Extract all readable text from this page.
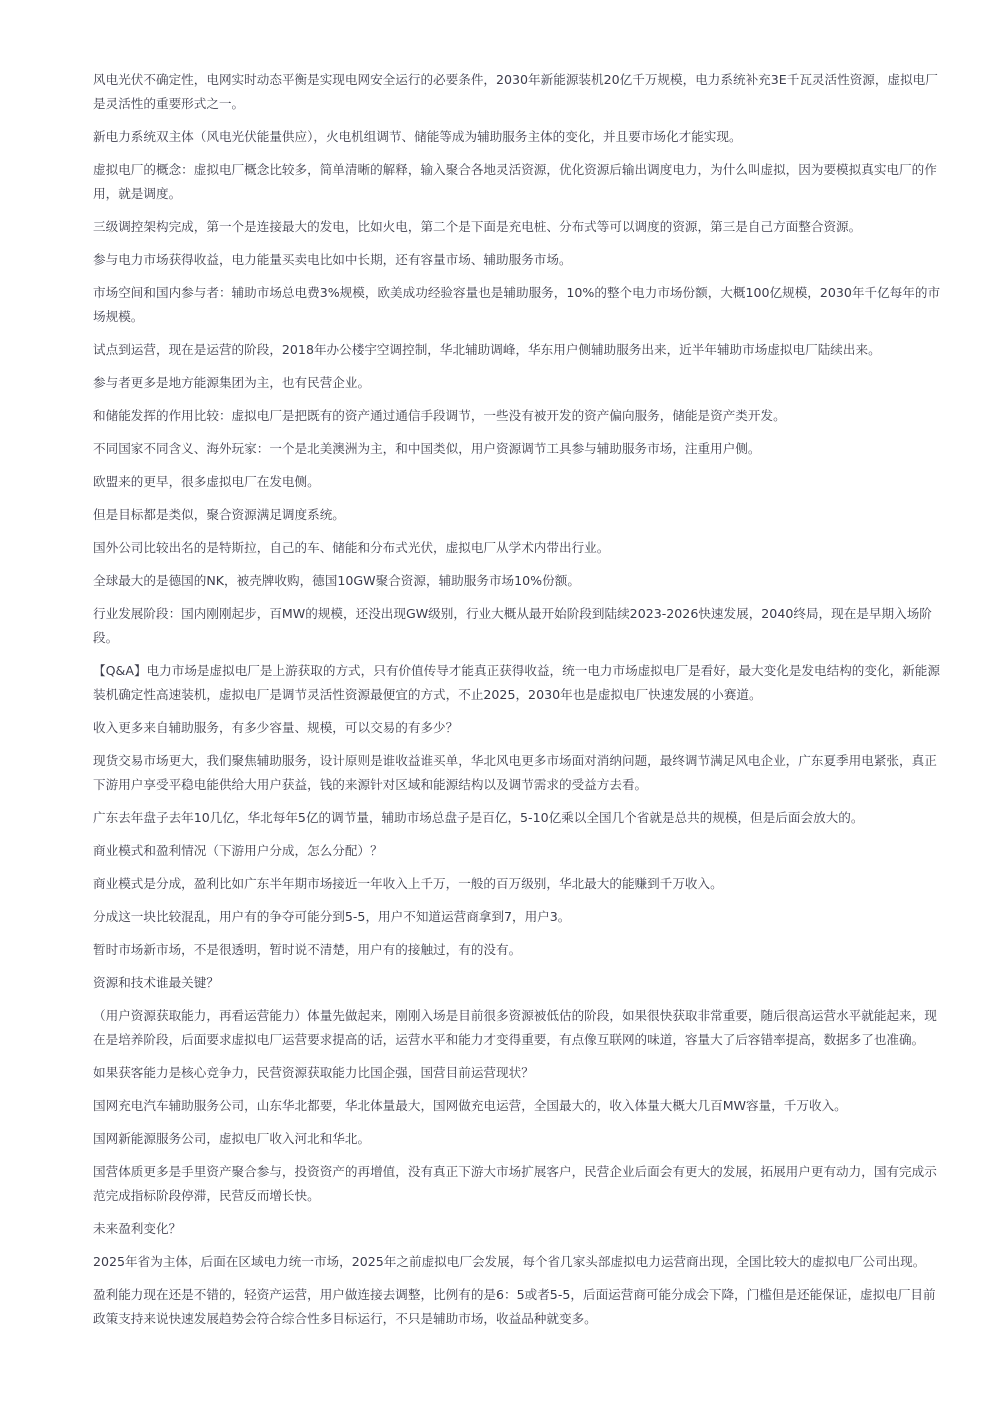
风电光伏不确定性，电网实时动态平衡是实现电网安全运行的必要条件，2030年新能源装机20亿千万规模，电力系统补充3E千瓦灵活性资源，虚拟电厂是灵活性的重要形式之一。

新电力系统双主体（风电光伏能量供应），火电机组调节、储能等成为辅助服务主体的变化，并且要市场化才能实现。

虚拟电厂的概念：虚拟电厂概念比较多，简单清晰的解释，输入聚合各地灵活资源，优化资源后输出调度电力，为什么叫虚拟，因为要模拟真实电厂的作用，就是调度。

三级调控架构完成，第一个是连接最大的发电，比如火电，第二个是下面是充电桩、分布式等可以调度的资源，第三是自己方面整合资源。

参与电力市场获得收益，电力能量买卖电比如中长期，还有容量市场、辅助服务市场。

市场空间和国内参与者：辅助市场总电费3%规模，欧美成功经验容量也是辅助服务，10%的整个电力市场份额，大概100亿规模，2030年千亿每年的市场规模。

试点到运营，现在是运营的阶段，2018年办公楼宇空调控制，华北辅助调峰，华东用户侧辅助服务出来，近半年辅助市场虚拟电厂陆续出来。

参与者更多是地方能源集团为主，也有民营企业。

和储能发挥的作用比较：虚拟电厂是把既有的资产通过通信手段调节，一些没有被开发的资产偏向服务，储能是资产类开发。

不同国家不同含义、海外玩家：一个是北美澳洲为主，和中国类似，用户资源调节工具参与辅助服务市场，注重用户侧。

欧盟来的更早，很多虚拟电厂在发电侧。

但是目标都是类似，聚合资源满足调度系统。

国外公司比较出名的是特斯拉，自己的车、储能和分布式光伏，虚拟电厂从学术内带出行业。

全球最大的是德国的NK，被壳牌收购，德国10GW聚合资源，辅助服务市场10%份额。

行业发展阶段：国内刚刚起步，百MW的规模，还没出现GW级别，行业大概从最开始阶段到陆续2023-2026快速发展，2040终局，现在是早期入场阶段。

【Q&A】电力市场是虚拟电厂是上游获取的方式，只有价值传导才能真正获得收益，统一电力市场虚拟电厂是看好，最大变化是发电结构的变化，新能源装机确定性高速装机，虚拟电厂是调节灵活性资源最便宜的方式，不止2025，2030年也是虚拟电厂快速发展的小赛道。

收入更多来自辅助服务，有多少容量、规模，可以交易的有多少？

现货交易市场更大，我们聚焦辅助服务，设计原则是谁收益谁买单，华北风电更多市场面对消纳问题，最终调节满足风电企业，广东夏季用电紧张，真正下游用户享受平稳电能供给大用户获益，钱的来源针对区域和能源结构以及调节需求的受益方去看。

广东去年盘子去年10几亿，华北每年5亿的调节量，辅助市场总盘子是百亿，5-10亿乘以全国几个省就是总共的规模，但是后面会放大的。

商业模式和盈利情况（下游用户分成，怎么分配）？

商业模式是分成，盈利比如广东半年期市场接近一年收入上千万，一般的百万级别，华北最大的能赚到千万收入。

分成这一块比较混乱，用户有的争夺可能分到5-5，用户不知道运营商拿到7，用户3。

暂时市场新市场，不是很透明，暂时说不清楚，用户有的接触过，有的没有。

资源和技术谁最关键？

（用户资源获取能力，再看运营能力）体量先做起来，刚刚入场是目前很多资源被低估的阶段，如果很快获取非常重要，随后很高运营水平就能起来，现在是培养阶段，后面要求虚拟电厂运营要求提高的话，运营水平和能力才变得重要，有点像互联网的味道，容量大了后容错率提高，数据多了也准确。

如果获客能力是核心竞争力，民营资源获取能力比国企强，国营目前运营现状？

国网充电汽车辅助服务公司，山东华北都要，华北体量最大，国网做充电运营，全国最大的，收入体量大概大几百MW容量，千万收入。

国网新能源服务公司，虚拟电厂收入河北和华北。

国营体质更多是手里资产聚合参与，投资资产的再增值，没有真正下游大市场扩展客户，民营企业后面会有更大的发展，拓展用户更有动力，国有完成示范完成指标阶段停滞，民营反而增长快。

未来盈利变化？

2025年省为主体，后面在区域电力统一市场，2025年之前虚拟电厂会发展，每个省几家头部虚拟电力运营商出现，全国比较大的虚拟电厂公司出现。

盈利能力现在还是不错的，轻资产运营，用户做连接去调整，比例有的是6：5或者5-5，后面运营商可能分成会下降，门槛但是还能保证，虚拟电厂目前政策支持来说快速发展趋势会符合综合性多目标运行，不只是辅助市场，收益品种就变多。
